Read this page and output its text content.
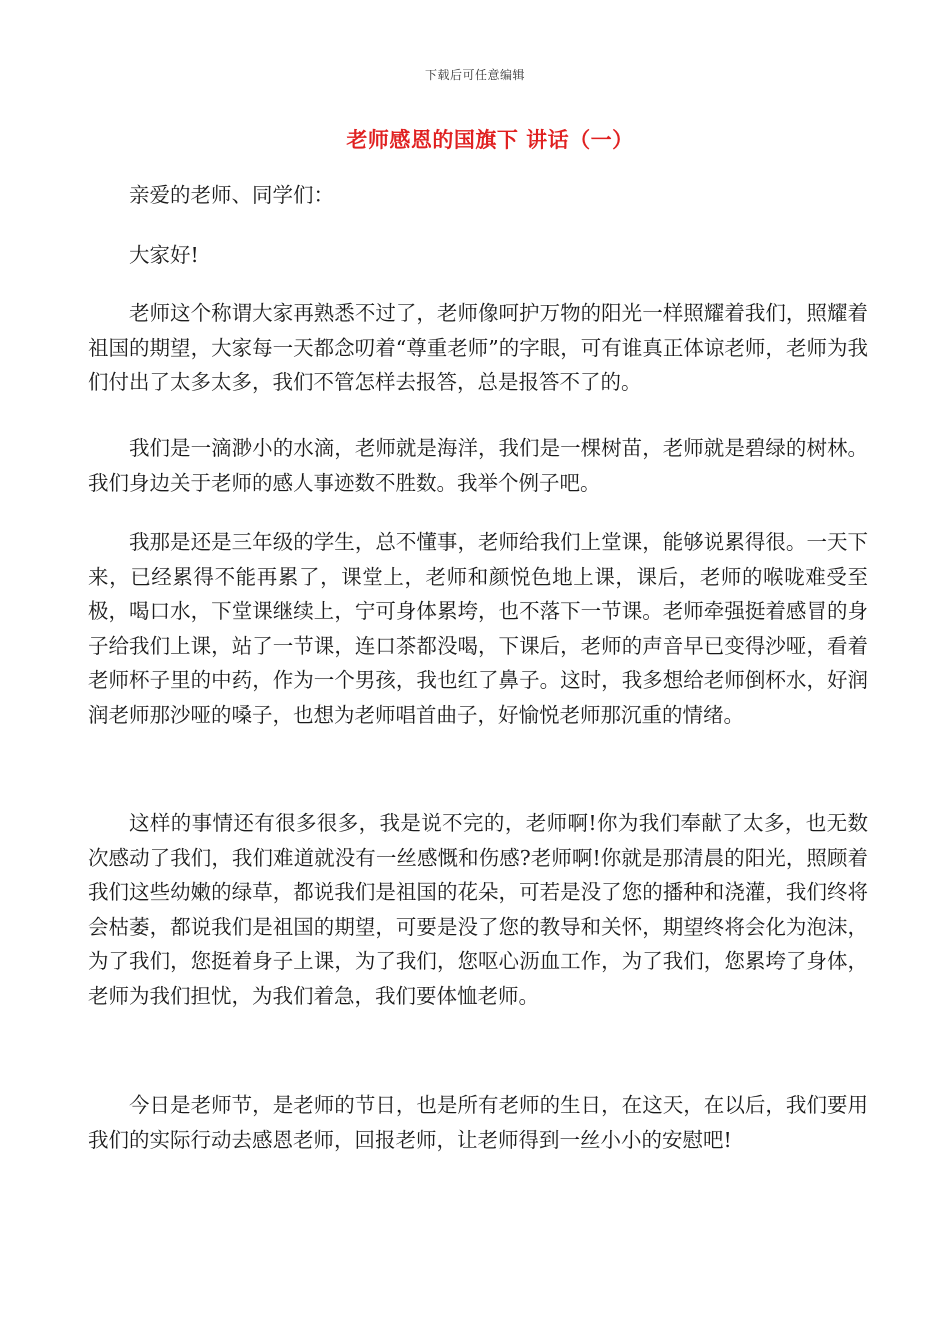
下载后可任意编辑
老师感恩的国旗下 讲话（一）

亲爱的老师、同学们：

大家好!

老师这个称谓大家再熟悉不过了，老师像呵护万物的阳光一样照耀着我们，照耀着祖国的期望，大家每一天都念叨着“尊重老师”的字眼，可有谁真正体谅老师，老师为我们付出了太多太多，我们不管怎样去报答，总是报答不了的。

我们是一滴渺小的水滴，老师就是海洋，我们是一棵树苗，老师就是碧绿的树林。我们身边关于老师的感人事迹数不胜数。我举个例子吧。

我那是还是三年级的学生，总不懂事，老师给我们上堂课，能够说累得很。一天下来，已经累得不能再累了，课堂上，老师和颜悦色地上课，课后，老师的喉咙难受至极，喝口水，下堂课继续上，宁可身体累垮，也不落下一节课。老师牵强挺着感冒的身子给我们上课，站了一节课，连口茶都没喝，下课后，老师的声音早已变得沙哑，看着老师杯子里的中药，作为一个男孩，我也红了鼻子。这时，我多想给老师倒杯水，好润润老师那沙哑的嗓子，也想为老师唱首曲子，好愉悦老师那沉重的情绪。

这样的事情还有很多很多，我是说不完的，老师啊!你为我们奉献了太多，也无数次感动了我们，我们难道就没有一丝感慨和伤感?老师啊!你就是那清晨的阳光，照顾着我们这些幼嫩的绿草，都说我们是祖国的花朵，可若是没了您的播种和浇灌，我们终将会枯萎，都说我们是祖国的期望，可要是没了您的教导和关怀，期望终将会化为泡沫，为了我们，您挺着身子上课，为了我们，您呕心沥血工作，为了我们，您累垮了身体，老师为我们担忧，为我们着急，我们要体恤老师。

今日是老师节，是老师的节日，也是所有老师的生日，在这天，在以后，我们要用我们的实际行动去感恩老师，回报老师，让老师得到一丝小小的安慰吧!
